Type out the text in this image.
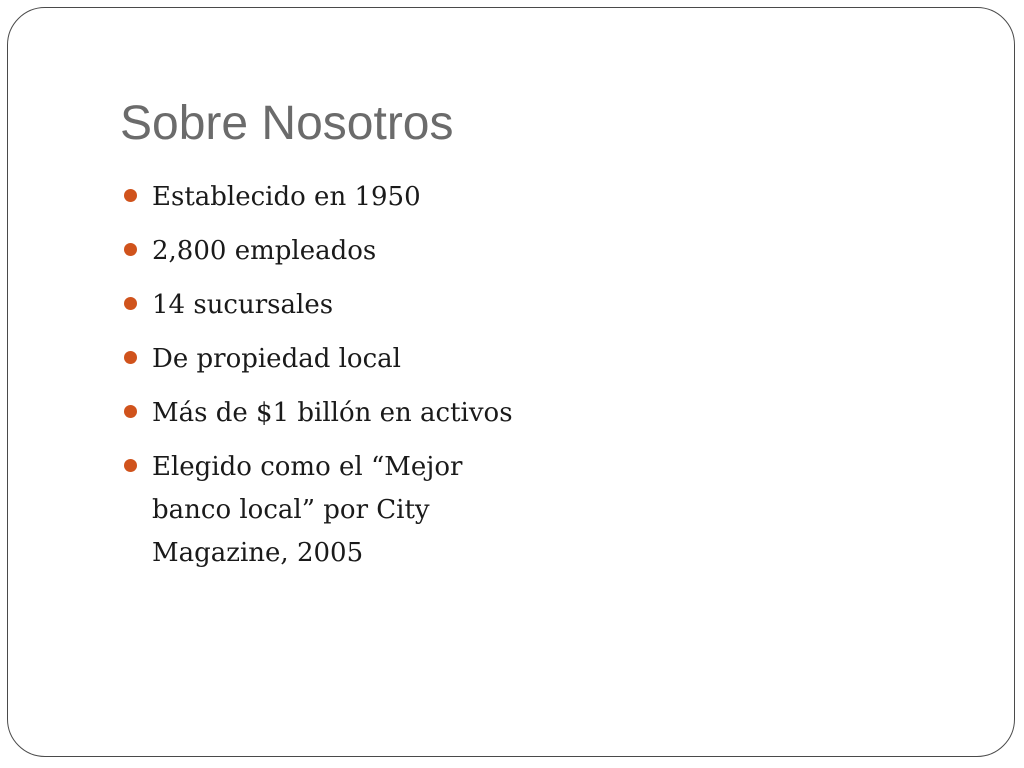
Sobre Nosotros
Establecido en 1950
2,800 empleados
14 sucursales
De propiedad local
Más de $1 billón en activos
Elegido como el “Mejor banco local” por City Magazine, 2005
